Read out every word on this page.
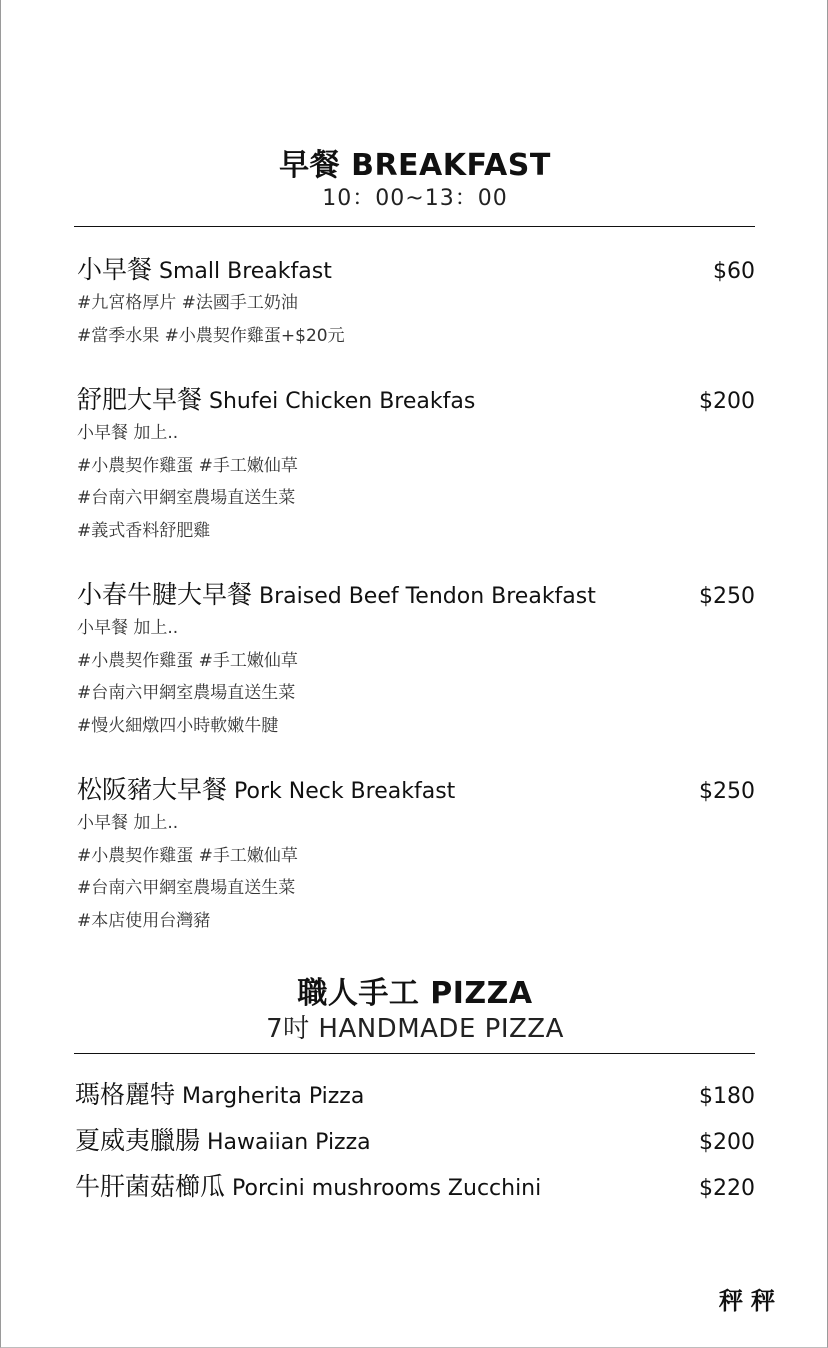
早餐 BREAKFAST
10：00~13：00
小早餐 Small Breakfast	$60
#九宮格厚片 #法國手工奶油
#當季水果 #小農契作雞蛋+$20元
舒肥大早餐 Shufei Chicken Breakfas	$200
小早餐 加上..
#小農契作雞蛋 #手工嫩仙草
#台南六甲網室農場直送生菜
#義式香料舒肥雞
小春牛腱大早餐 Braised Beef Tendon Breakfast	$250
小早餐 加上..
#小農契作雞蛋 #手工嫩仙草
#台南六甲網室農場直送生菜
#慢火細燉四小時軟嫩牛腱
松阪豬大早餐 Pork Neck Breakfast	$250
小早餐 加上..
#小農契作雞蛋 #手工嫩仙草
#台南六甲網室農場直送生菜
#本店使用台灣豬
職人手工 PIZZA
7吋 HANDMADE PIZZA
瑪格麗特 Margherita Pizza	$180
夏威夷臘腸 Hawaiian Pizza	$200
牛肝菌菇櫛瓜 Porcini mushrooms Zucchini	$220
秤秤
